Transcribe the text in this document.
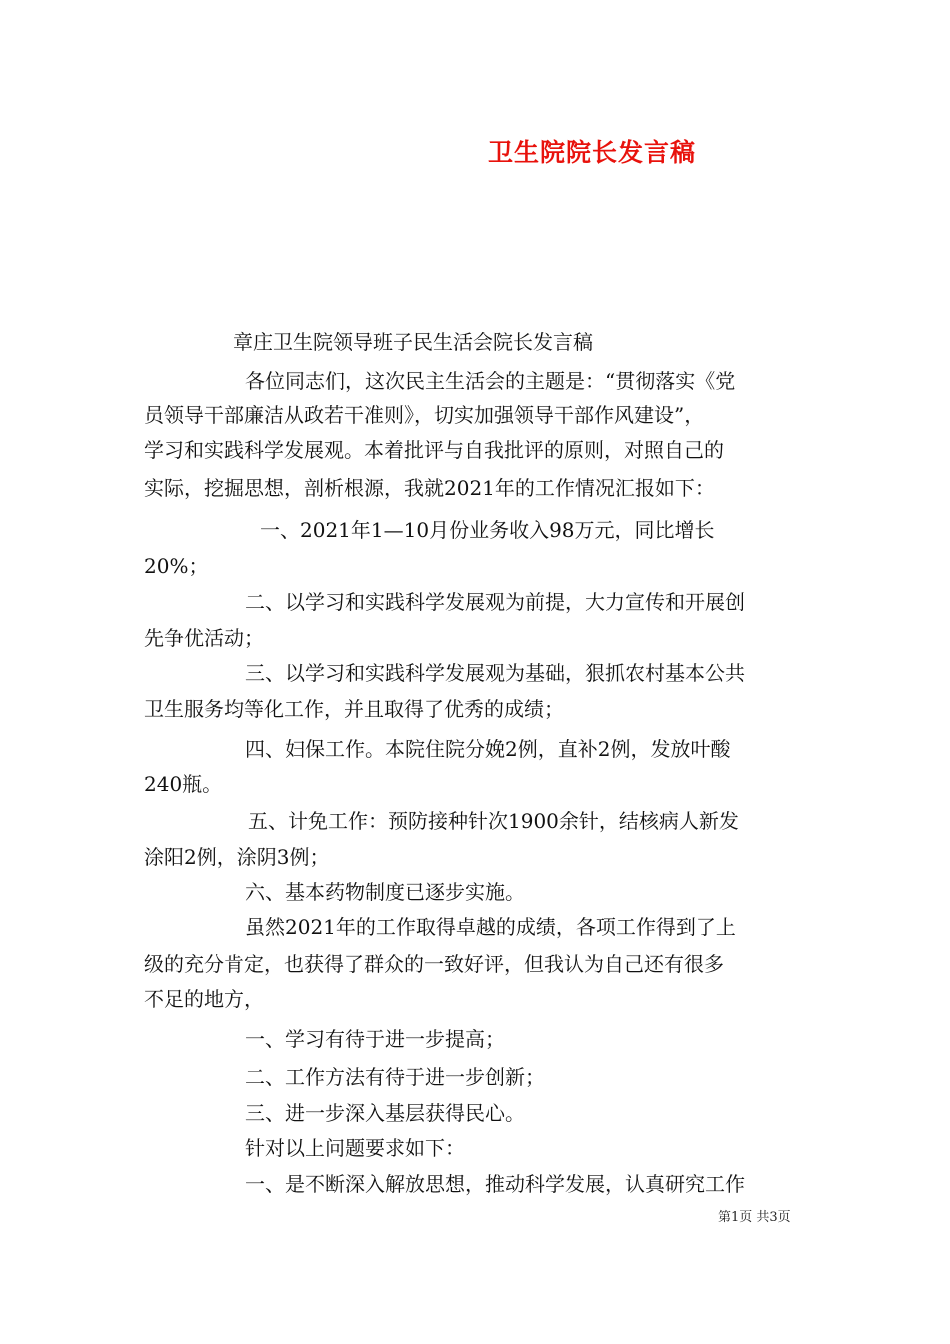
卫生院院长发言稿
章庄卫生院领导班子民生活会院长发言稿
各位同志们，这次民主生活会的主题是：“贯彻落实《党
员领导干部廉洁从政若干准则》，切实加强领导干部作风建设”，
学习和实践科学发展观。本着批评与自我批评的原则，对照自己的
实际，挖掘思想，剖析根源，我就2021年的工作情况汇报如下：
一、2021年1—10月份业务收入98万元，同比增长
20%；
二、以学习和实践科学发展观为前提，大力宣传和开展创
先争优活动；
三、以学习和实践科学发展观为基础，狠抓农村基本公共
卫生服务均等化工作，并且取得了优秀的成绩；
四、妇保工作。本院住院分娩2例，直补2例，发放叶酸
240瓶。
五、计免工作：预防接种针次1900余针，结核病人新发
涂阳2例，涂阴3例；
六、基本药物制度已逐步实施。
虽然2021年的工作取得卓越的成绩，各项工作得到了上
级的充分肯定，也获得了群众的一致好评，但我认为自己还有很多
不足的地方，
一、学习有待于进一步提高；
二、工作方法有待于进一步创新；
三、进一步深入基层获得民心。
针对以上问题要求如下：
一、是不断深入解放思想，推动科学发展，认真研究工作
第1页 共3页
